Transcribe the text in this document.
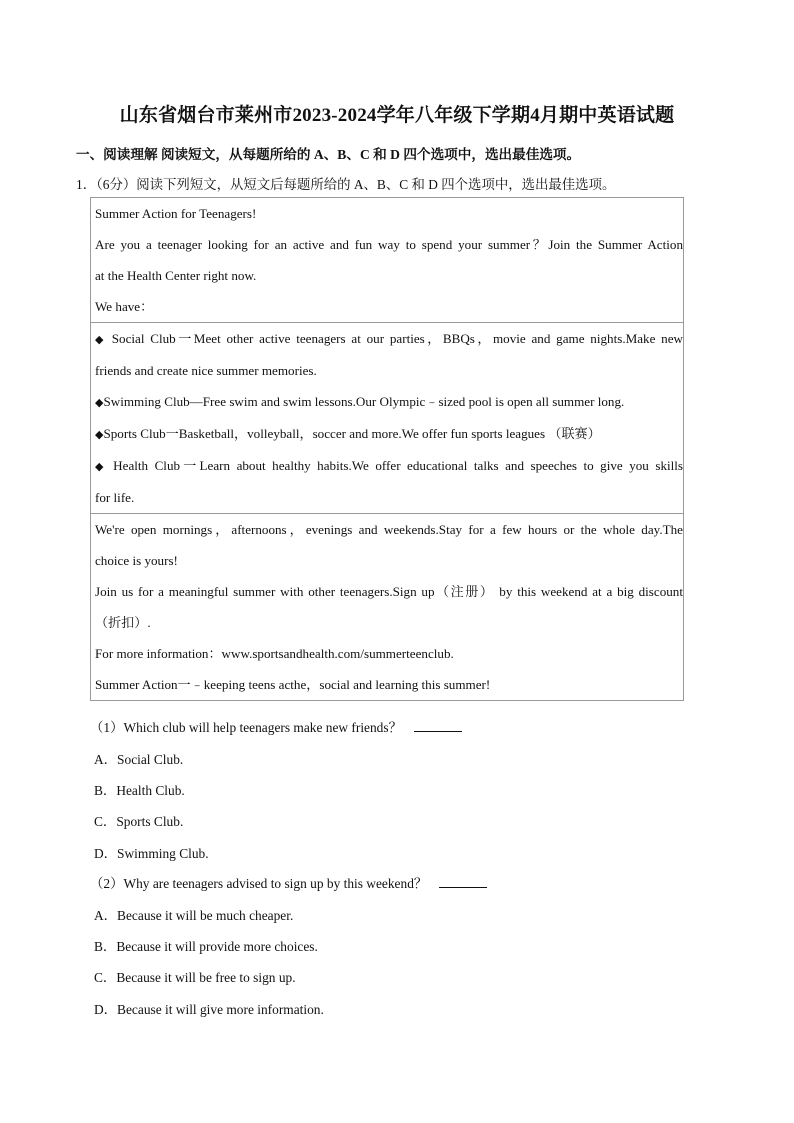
山东省烟台市莱州市2023-2024学年八年级下学期4月期中英语试题
一、阅读理解 阅读短文，从每题所给的 A、B、C 和 D 四个选项中，选出最佳选项。
1．（6分）阅读下列短文，从短文后每题所给的 A、B、C 和 D 四个选项中，选出最佳选项。

Summer Action for Teenagers!

Are you a teenager looking for an active and fun way to spend your summer？Join the Summer Action

at the Health Center right now.

We have：

◆ Social Club一Meet other active teenagers at our parties，BBQs，movie and game nights.Make new

friends and create nice summer memories.

◆Swimming Club—Free swim and swim lessons.Our Olympic﹣sized pool is open all summer long.

◆Sports Club一Basketball，volleyball，soccer and more.We offer fun sports leagues （联赛）

◆ Health Club一Learn about healthy habits.We offer educational talks and speeches to give you skills

for life.

We're open mornings，afternoons，evenings and weekends.Stay for a few hours or the whole day.The

choice is yours!

Join us for a meaningful summer with other teenagers.Sign up（注册） by this weekend at a big discount

（折扣）.

For more information：www.sportsandhealth.com/summerteenclub.

Summer Action一﹣keeping teens acthe，social and learning this summer!

（1）Which club will help teenagers make new friends？
A．Social Club.
B．Health Club.
C．Sports Club.
D．Swimming Club.
（2）Why are teenagers advised to sign up by this weekend？
A．Because it will be much cheaper.
B．Because it will provide more choices.
C．Because it will be free to sign up.
D．Because it will give more information.
